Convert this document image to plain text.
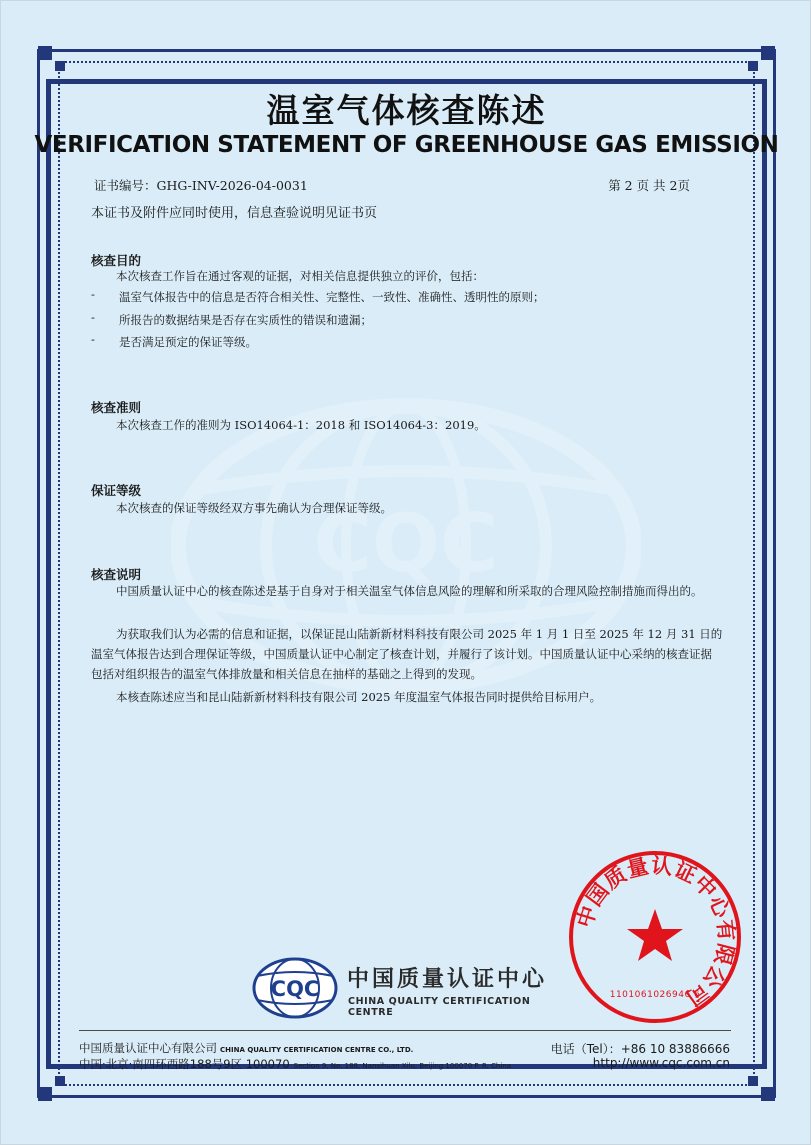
CQC
温室气体核查陈述
VERIFICATION STATEMENT OF GREENHOUSE GAS EMISSION
证书编号：GHG-INV-2026-04-0031	第 2 页 共 2页
本证书及附件应同时使用，信息查验说明见证书页
核查目的
本次核查工作旨在通过客观的证据，对相关信息提供独立的评价，包括：
- 温室气体报告中的信息是否符合相关性、完整性、一致性、准确性、透明性的原则；
- 所报告的数据结果是否存在实质性的错误和遗漏；
- 是否满足预定的保证等级。
核查准则
本次核查工作的准则为 ISO14064-1：2018 和 ISO14064-3：2019。
保证等级
本次核查的保证等级经双方事先确认为合理保证等级。
核查说明
中国质量认证中心的核查陈述是基于自身对于相关温室气体信息风险的理解和所采取的合理风险控制措施而得出的。
为获取我们认为必需的信息和证据，以保证昆山陆新新材料科技有限公司 2025 年 1 月 1 日至 2025 年 12 月 31 日的温室气体报告达到合理保证等级，中国质量认证中心制定了核查计划，并履行了该计划。中国质量认证中心采纳的核查证据包括对组织报告的温室气体排放量和相关信息在抽样的基础之上得到的发现。
本核查陈述应当和昆山陆新新材料科技有限公司 2025 年度温室气体报告同时提供给目标用户。
中国质量认证中心有限公司
1101061026946 6
CQC 中国质量认证中心
CHINA QUALITY CERTIFICATION CENTRE
中国质量认证中心有限公司 CHINA QUALITY CERTIFICATION CENTRE CO., LTD.
中国·北京·南四环西路188号9区 100070 Section 9, No. 188, Nansihuan Xilu, Beijing 100070 P. R. China
电话（Tel）：+86 10 83886666
http://www.cqc.com.cn
